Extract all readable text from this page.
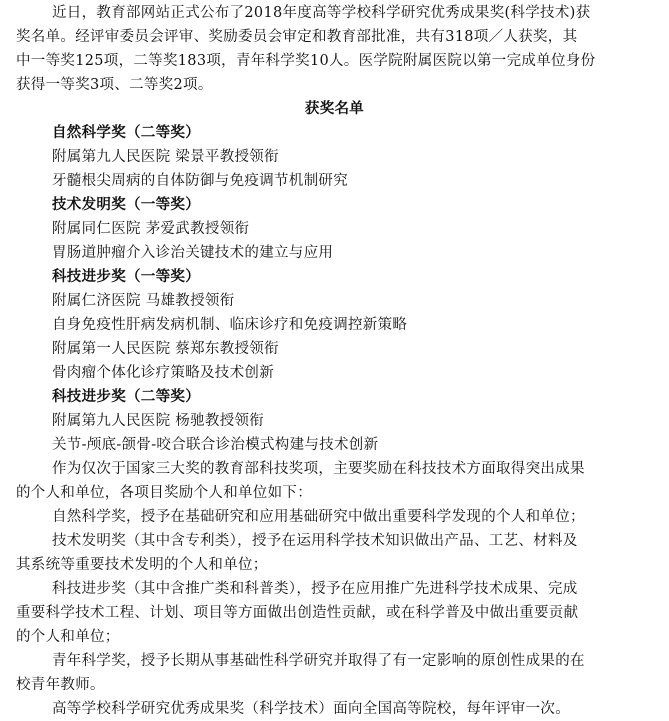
近日，教育部网站正式公布了2018年度高等学校科学研究优秀成果奖(科学技术)获
奖名单。经评审委员会评审、奖励委员会审定和教育部批准，共有318项／人获奖，其
中一等奖125项，二等奖183项，青年科学奖10人。医学院附属医院以第一完成单位身份
获得一等奖3项、二等奖2项。
获奖名单
自然科学奖（二等奖）
附属第九人民医院 梁景平教授领衔
牙髓根尖周病的自体防御与免疫调节机制研究
技术发明奖（一等奖）
附属同仁医院 茅爱武教授领衔
胃肠道肿瘤介入诊治关键技术的建立与应用
科技进步奖（一等奖）
附属仁济医院 马雄教授领衔
自身免疫性肝病发病机制、临床诊疗和免疫调控新策略
附属第一人民医院 蔡郑东教授领衔
骨肉瘤个体化诊疗策略及技术创新
科技进步奖（二等奖）
附属第九人民医院 杨驰教授领衔
关节-颅底-颌骨-咬合联合诊治模式构建与技术创新
作为仅次于国家三大奖的教育部科技奖项，主要奖励在科技技术方面取得突出成果
的个人和单位，各项目奖励个人和单位如下：
自然科学奖，授予在基础研究和应用基础研究中做出重要科学发现的个人和单位；
技术发明奖（其中含专利类），授予在运用科学技术知识做出产品、工艺、材料及
其系统等重要技术发明的个人和单位；
科技进步奖（其中含推广类和科普类），授予在应用推广先进科学技术成果、完成
重要科学技术工程、计划、项目等方面做出创造性贡献，或在科学普及中做出重要贡献
的个人和单位；
青年科学奖，授予长期从事基础性科学研究并取得了有一定影响的原创性成果的在
校青年教师。
高等学校科学研究优秀成果奖（科学技术）面向全国高等院校，每年评审一次。
